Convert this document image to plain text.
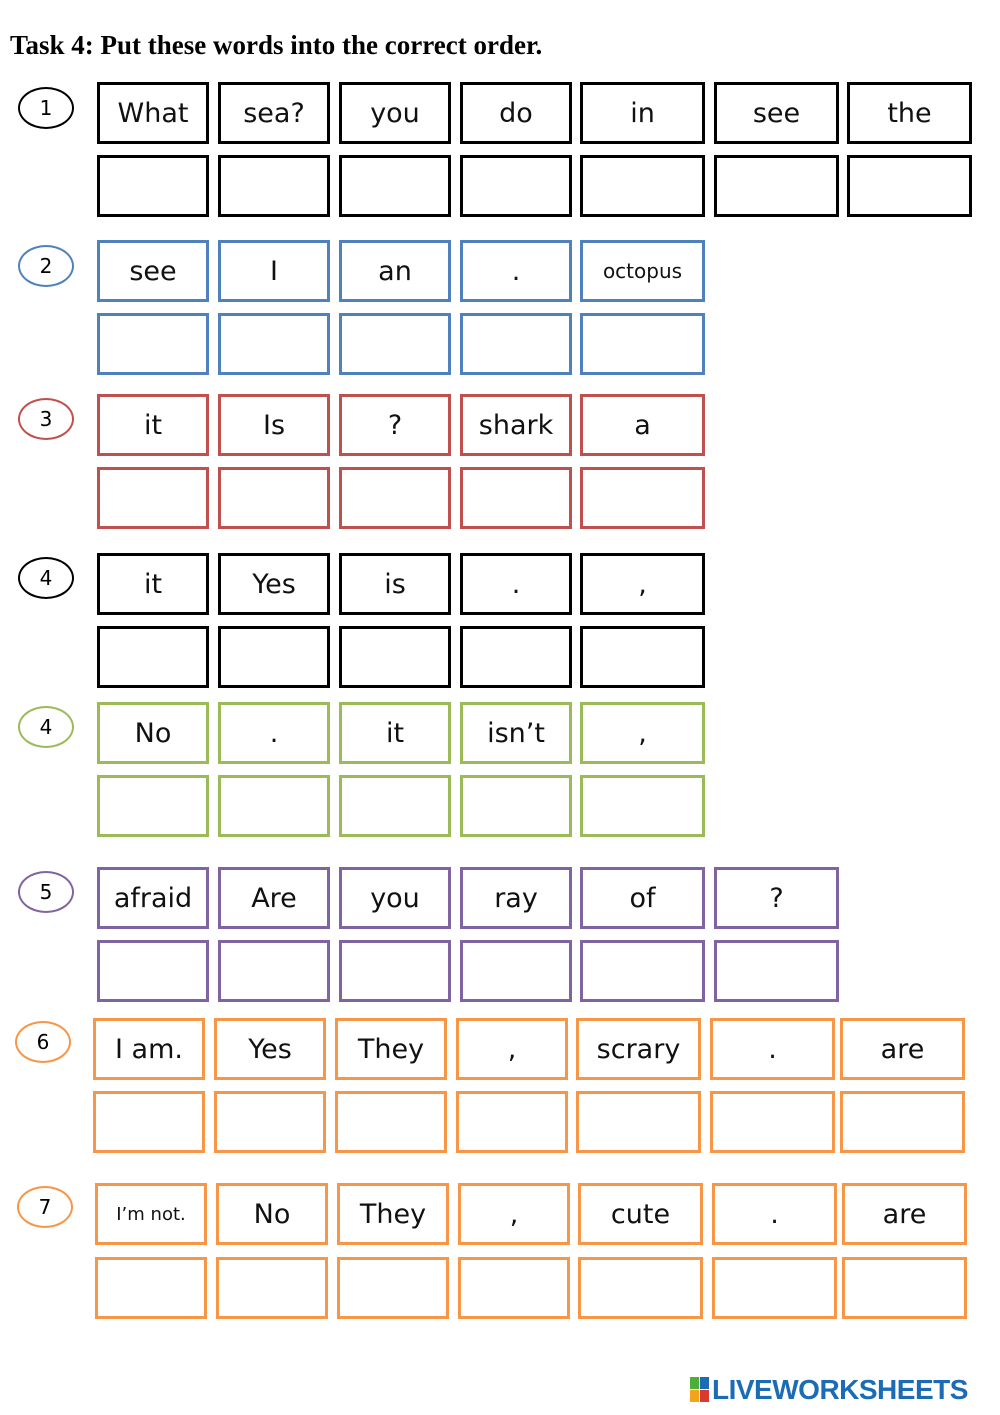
Task 4: Put these words into the correct order.
1	What	sea?	you	do	in	see	the
2	see	I	an	.	octopus
3	it	Is	?	shark	a
4	it	Yes	is	.	,
4	No	.	it	isn’t	,
5	afraid	Are	you	ray	of	?
6	I am.	Yes	They	,	scrary	.	are
7	I’m not.	No	They	,	cute	.	are
LIVEWORKSHEETS
